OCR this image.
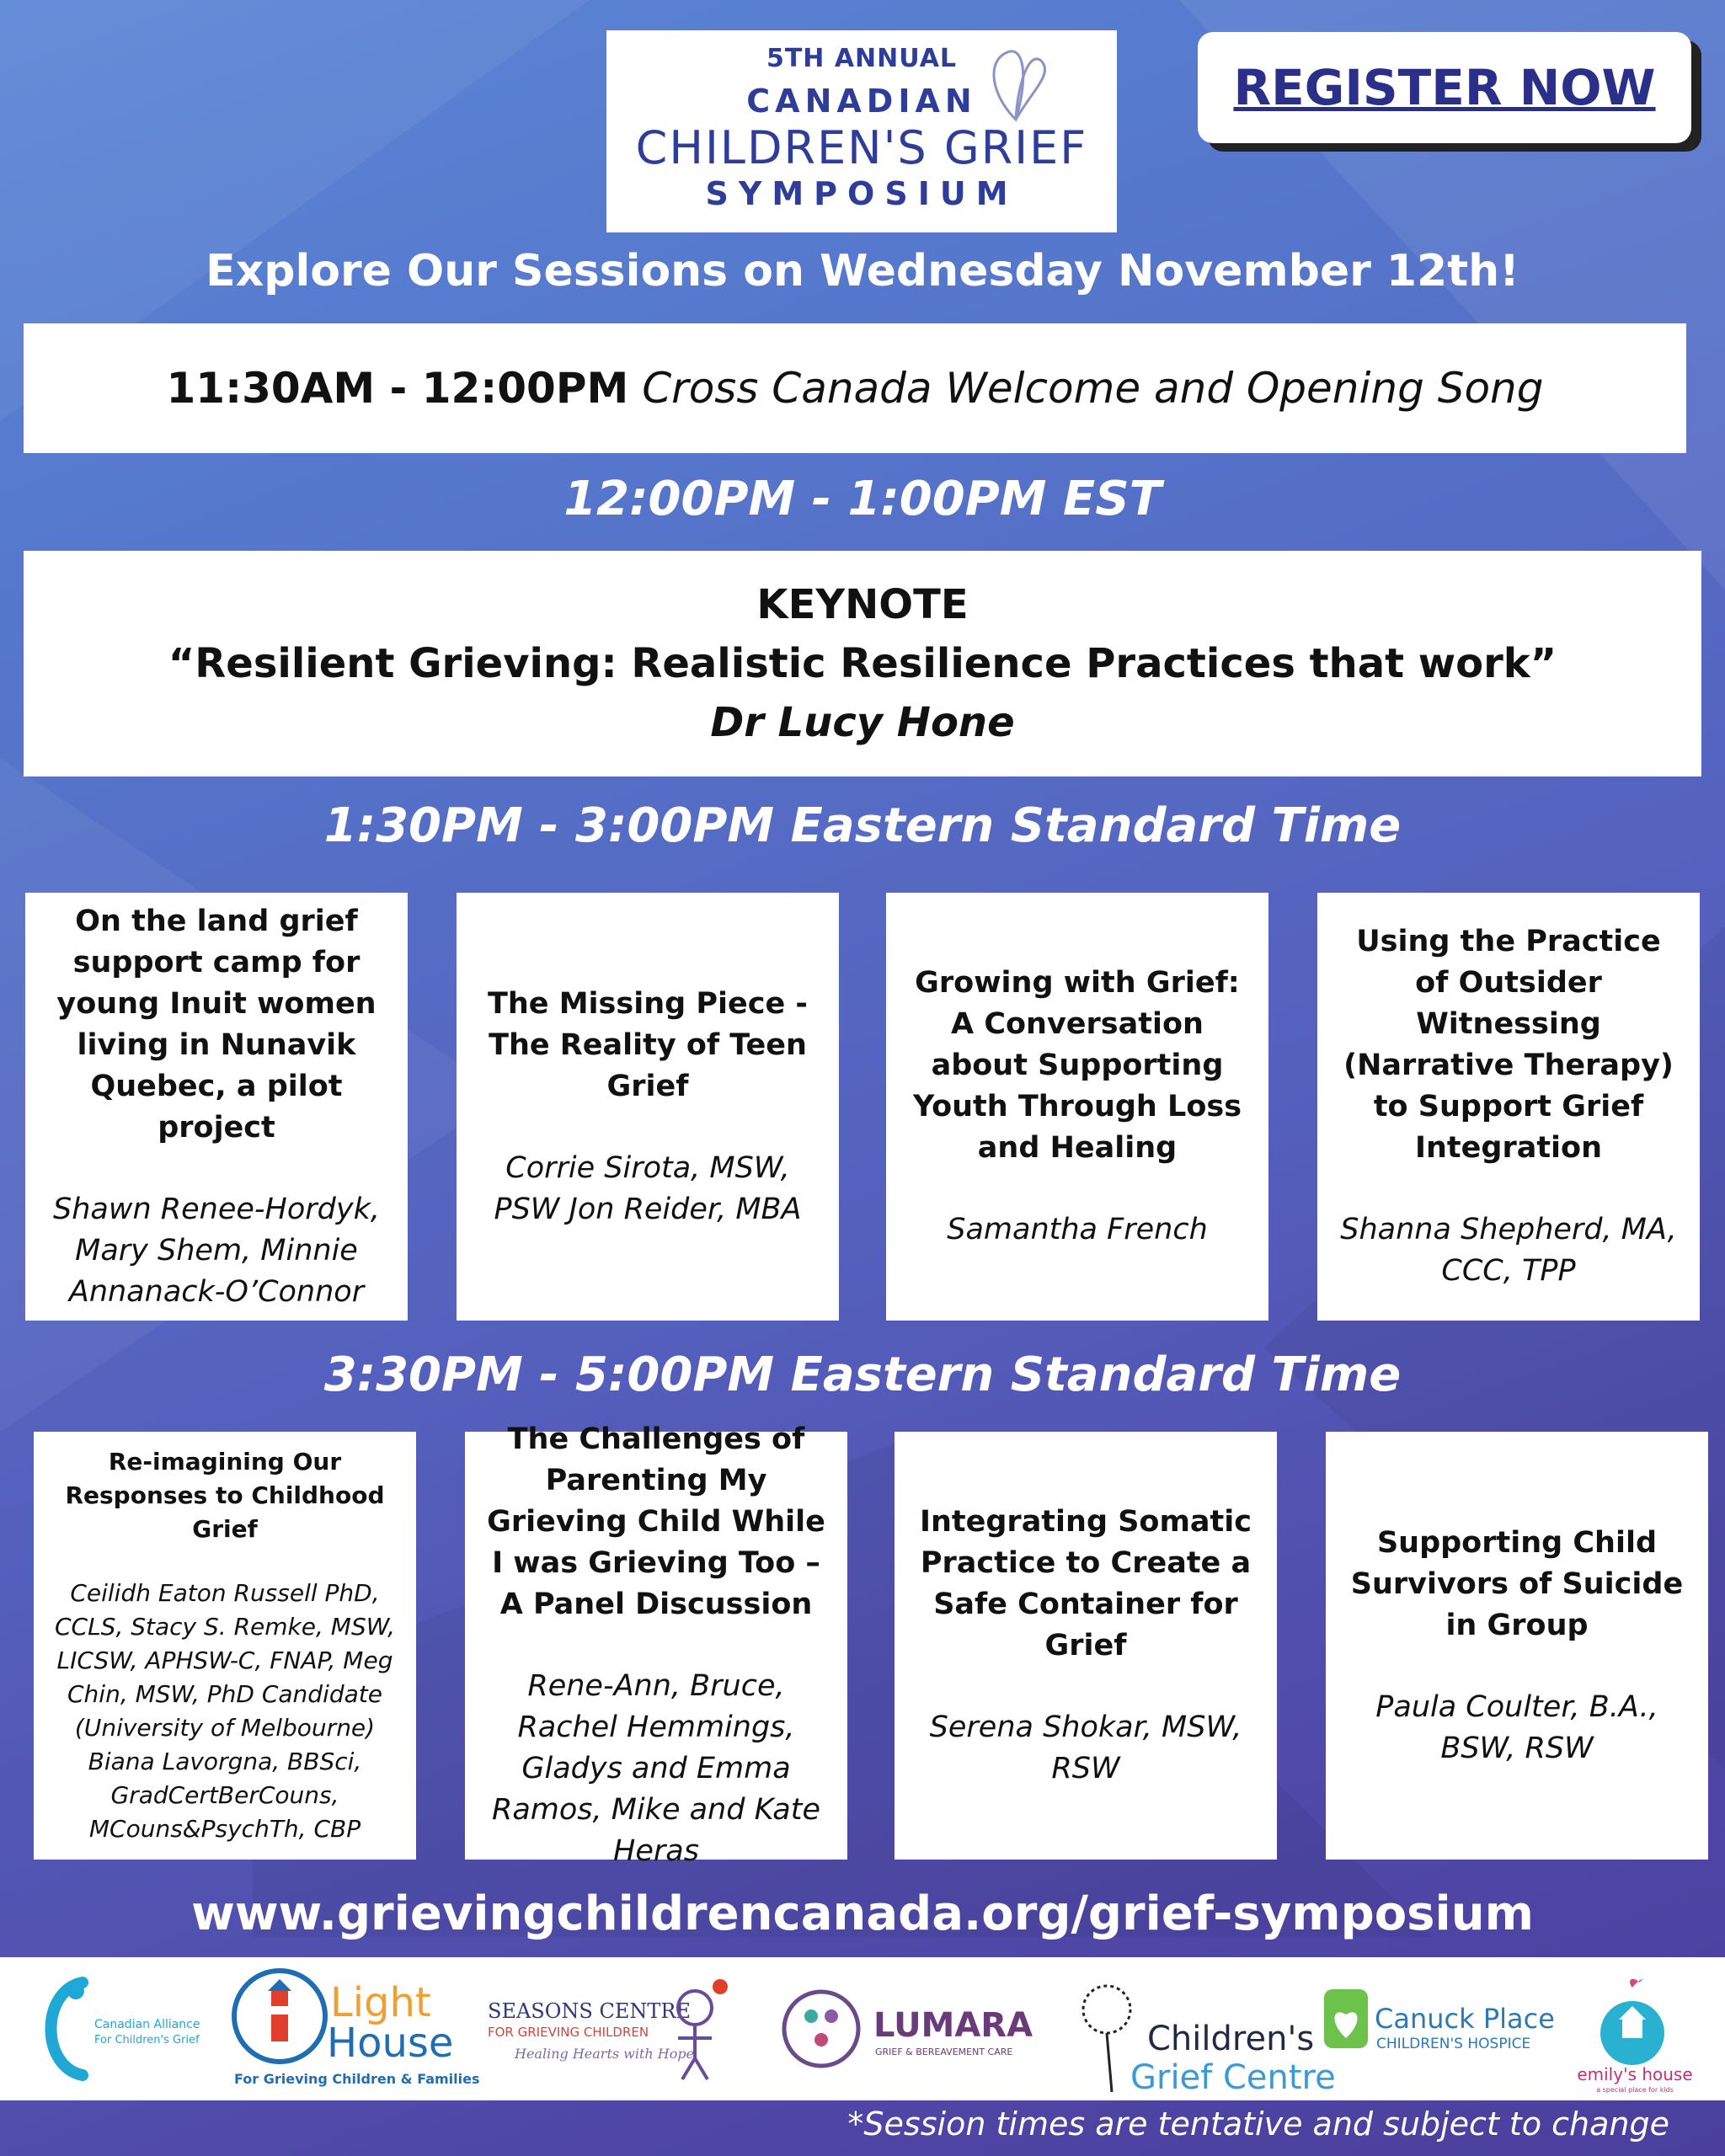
5TH ANNUAL
CANADIAN
CHILDREN'S GRIEF
SYMPOSIUM
REGISTER NOW
Explore Our Sessions on Wednesday November 12th!
11:30AM - 12:00PM Cross Canada Welcome and Opening Song
12:00PM - 1:00PM EST
KEYNOTE
“Resilient Grieving: Realistic Resilience Practices that work”
Dr Lucy Hone
1:30PM - 3:00PM Eastern Standard Time
On the land grief support camp for young Inuit women living in Nunavik Quebec, a pilot project
Shawn Renee-Hordyk, Mary Shem, Minnie Annanack-O’Connor
The Missing Piece - The Reality of Teen Grief
Corrie Sirota, MSW, PSW Jon Reider, MBA
Growing with Grief: A Conversation about Supporting Youth Through Loss and Healing
Samantha French
Using the Practice of Outsider Witnessing (Narrative Therapy) to Support Grief Integration
Shanna Shepherd, MA, CCC, TPP
3:30PM - 5:00PM Eastern Standard Time
Re-imagining Our Responses to Childhood Grief
Ceilidh Eaton Russell PhD, CCLS, Stacy S. Remke, MSW, LICSW, APHSW-C, FNAP, Meg Chin, MSW, PhD Candidate (University of Melbourne) Biana Lavorgna, BBSci, GradCertBerCouns, MCouns&PsychTh, CBP
The Challenges of Parenting My Grieving Child While I was Grieving Too – A Panel Discussion
Rene-Ann, Bruce, Rachel Hemmings, Gladys and Emma Ramos, Mike and Kate Heras
Integrating Somatic Practice to Create a Safe Container for Grief
Serena Shokar, MSW, RSW
Supporting Child Survivors of Suicide in Group
Paula Coulter, B.A., BSW, RSW
www.grievingchildrencanada.org/grief-symposium
Canadian Alliance
For Children's Grief
Light
House
For Grieving Children & Families
SEASONS CENTRE
FOR GRIEVING CHILDREN
Healing Hearts with Hope
LUMARA
GRIEF & BEREAVEMENT CARE	Children's
Grief Centre
Canuck Place
CHILDREN'S HOSPICE
emily's house
a special place for kids
*Session times are tentative and subject to change
